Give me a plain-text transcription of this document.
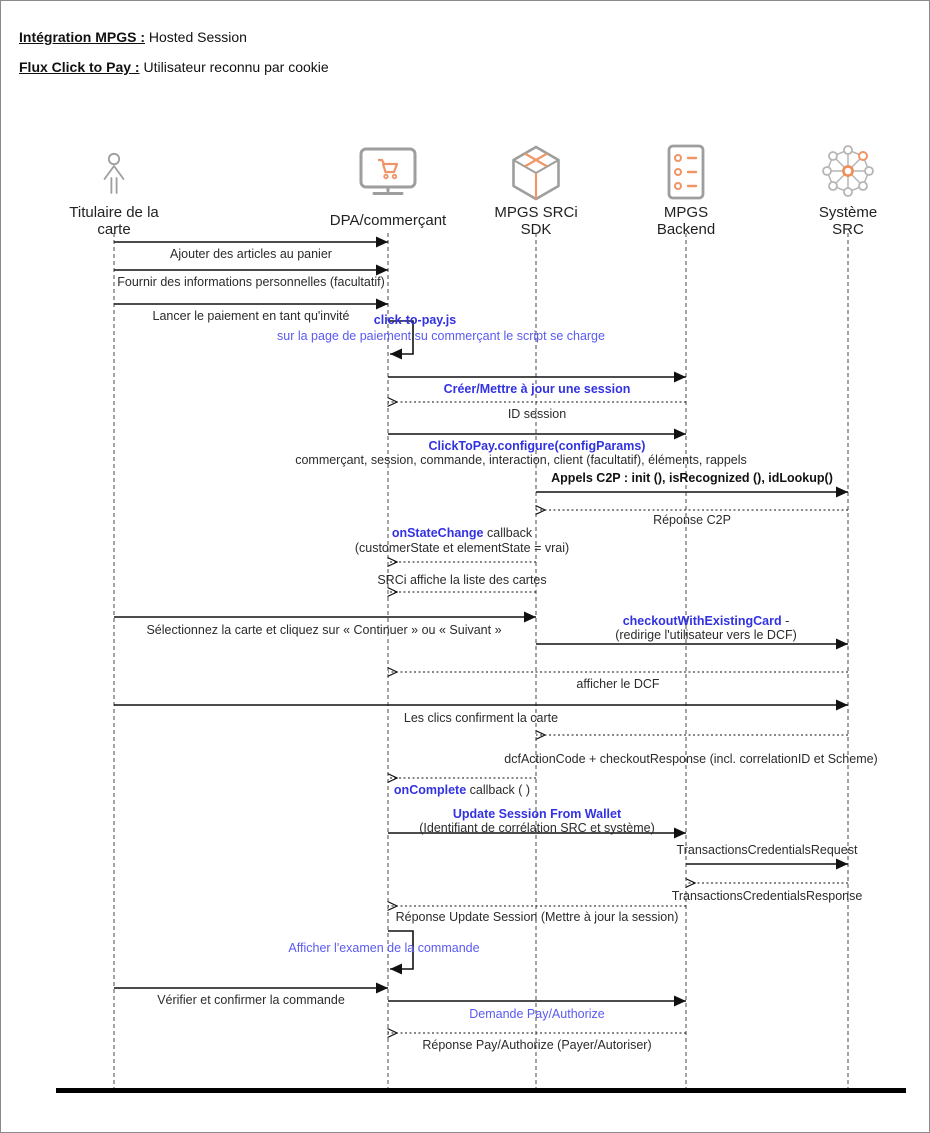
Intégration MPGS : Hosted Session
Flux Click to Pay : Utilisateur reconnu par cookie
Titulaire de la
carte
DPA/commerçant	MPGS SRCi
SDK
MPGS
Backend
Système
SRC
Ajouter des articles au panier
Fournir des informations personnelles (facultatif)
Lancer le paiement en tant qu'invité	click-to-pay.js
sur la page de paiement su commerçant le script se charge
Créer/Mettre à jour une session
ID session
ClickToPay.configure(configParams)
commerçant, session, commande, interaction, client (facultatif), éléments, rappels
Appels C2P : init (), isRecognized (), idLookup()
Réponse C2P
onStateChange callback
(customerState et elementState = vrai)
SRCi affiche la liste des cartes
Sélectionnez la carte et cliquez sur « Continuer » ou « Suivant »
checkoutWithExistingCard -
(redirige l'utilisateur vers le DCF)
afficher le DCF
Les clics confirment la carte
dcfActionCode + checkoutResponse (incl. correlationID et Scheme)
onComplete callback ( )
Update Session From Wallet
(Identifiant de corrélation SRC et système)
TransactionsCredentialsRequest
TransactionsCredentialsResponse
Réponse Update Session (Mettre à jour la session)
Afficher l'examen de la commande
Vérifier et confirmer la commande
Demande Pay/Authorize
Réponse Pay/Authorize (Payer/Autoriser)
